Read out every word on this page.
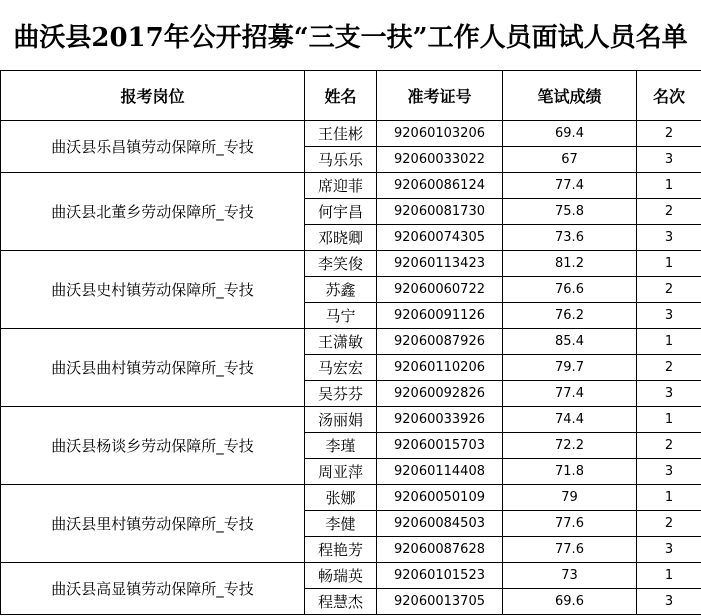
曲沃县2017年公开招募“三支一扶”工作人员面试人员名单
报考岗位	姓名	准考证号	笔试成绩	名次
曲沃县乐昌镇劳动保障所_专技	王佳彬	92060103206	69.4	2
	马乐乐	92060033022	67	3
曲沃县北董乡劳动保障所_专技	席迎菲	92060086124	77.4	1
	何宇昌	92060081730	75.8	2
	邓晓卿	92060074305	73.6	3
曲沃县史村镇劳动保障所_专技	李笑俊	92060113423	81.2	1
	苏鑫	92060060722	76.6	2
	马宁	92060091126	76.2	3
曲沃县曲村镇劳动保障所_专技	王潇敏	92060087926	85.4	1
	马宏宏	92060110206	79.7	2
	吴芬芬	92060092826	77.4	3
曲沃县杨谈乡劳动保障所_专技	汤丽娟	92060033926	74.4	1
	李瑾	92060015703	72.2	2
	周亚萍	92060114408	71.8	3
曲沃县里村镇劳动保障所_专技	张娜	92060050109	79	1
	李健	92060084503	77.6	2
	程艳芳	92060087628	77.6	3
曲沃县高显镇劳动保障所_专技	畅瑞英	92060101523	73	1
	程慧杰	92060013705	69.6	3
